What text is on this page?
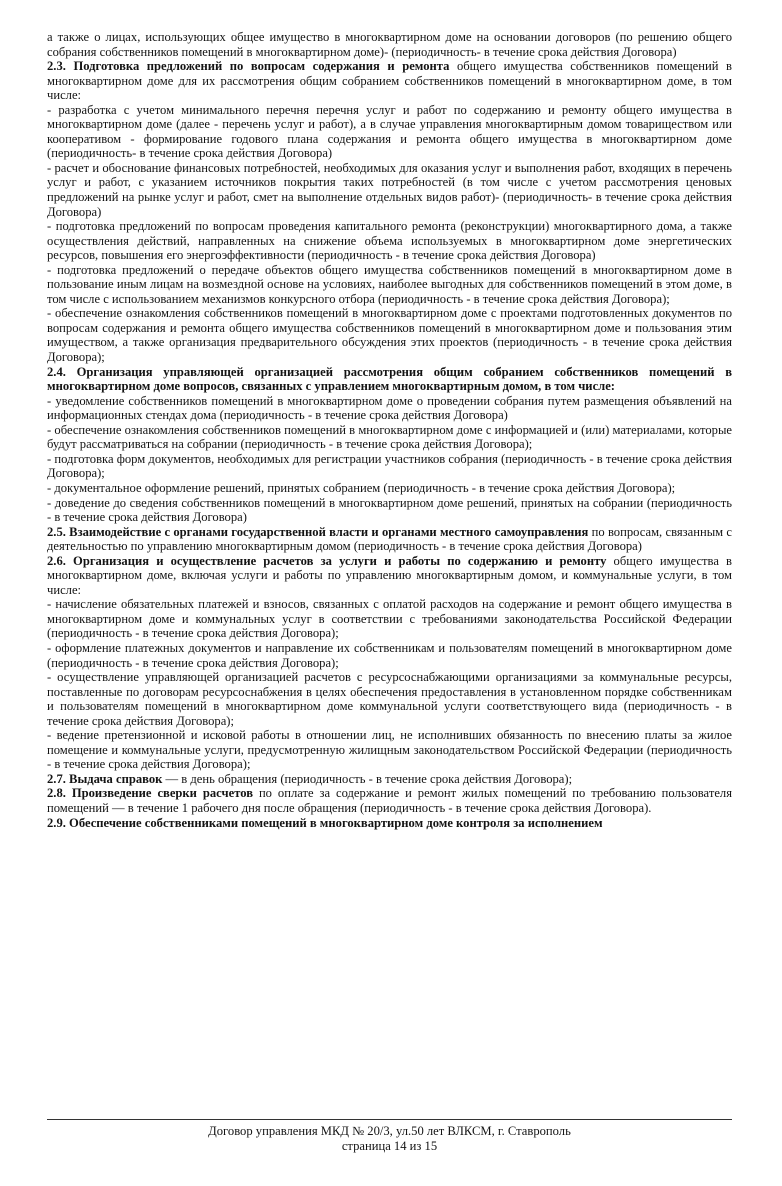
а также о лицах, использующих общее имущество в многоквартирном доме на основании договоров (по решению общего собрания собственников помещений в многоквартирном доме)- (периодичность- в течение срока действия Договора)

2.3. Подготовка предложений по вопросам содержания и ремонта общего имущества собственников помещений в многоквартирном доме для их рассмотрения общим собранием собственников помещений в многоквартирном доме, в том числе:

- разработка с учетом минимального перечня перечня услуг и работ по содержанию и ремонту общего имущества в многоквартирном доме (далее - перечень услуг и работ), а в случае управления многоквартирным домом товариществом или кооперативом - формирование годового плана содержания и ремонта общего имущества в многоквартирном доме (периодичность- в течение срока действия Договора)

- расчет и обоснование финансовых потребностей, необходимых для оказания услуг и выполнения работ, входящих в перечень услуг и работ, с указанием источников покрытия таких потребностей (в том числе с учетом рассмотрения ценовых предложений на рынке услуг и работ, смет на выполнение отдельных видов работ)- (периодичность- в течение срока действия Договора)

- подготовка предложений по вопросам проведения капитального ремонта (реконструкции) многоквартирного дома, а также осуществления действий, направленных на снижение объема используемых в многоквартирном доме энергетических ресурсов, повышения его энергоэффективности (периодичность - в течение срока действия Договора)

- подготовка предложений о передаче объектов общего имущества собственников помещений в многоквартирном доме в пользование иным лицам на возмездной основе на условиях, наиболее выгодных для собственников помещений в этом доме, в том числе с использованием механизмов конкурсного отбора (периодичность - в течение срока действия Договора);

- обеспечение ознакомления собственников помещений в многоквартирном доме с проектами подготовленных документов по вопросам содержания и ремонта общего имущества собственников помещений в многоквартирном доме и пользования этим имуществом, а также организация предварительного обсуждения этих проектов (периодичность - в течение срока действия Договора);

2.4. Организация управляющей организацией рассмотрения общим собранием собственников помещений в многоквартирном доме вопросов, связанных с управлением многоквартирным домом, в том числе:

- уведомление собственников помещений в многоквартирном доме о проведении собрания путем размещения объявлений на информационных стендах дома (периодичность - в течение срока действия Договора)

- обеспечение ознакомления собственников помещений в многоквартирном доме с информацией и (или) материалами, которые будут рассматриваться на собрании (периодичность - в течение срока действия Договора);

- подготовка форм документов, необходимых для регистрации участников собрания (периодичность - в течение срока действия Договора);

- документальное оформление решений, принятых собранием (периодичность - в течение срока действия Договора);

- доведение до сведения собственников помещений в многоквартирном доме решений, принятых на собрании (периодичность - в течение срока действия Договора)

2.5. Взаимодействие с органами государственной власти и органами местного самоуправления по вопросам, связанным с деятельностью по управлению многоквартирным домом (периодичность - в течение срока действия Договора)

2.6. Организация и осуществление расчетов за услуги и работы по содержанию и ремонту общего имущества в многоквартирном доме, включая услуги и работы по управлению многоквартирным домом, и коммунальные услуги, в том числе:

- начисление обязательных платежей и взносов, связанных с оплатой расходов на содержание и ремонт общего имущества в многоквартирном доме и коммунальных услуг в соответствии с требованиями законодательства Российской Федерации (периодичность - в течение срока действия Договора);

- оформление платежных документов и направление их собственникам и пользователям помещений в многоквартирном доме (периодичность - в течение срока действия Договора);

- осуществление управляющей организацией расчетов с ресурсоснабжающими организациями за коммунальные ресурсы, поставленные по договорам ресурсоснабжения в целях обеспечения предоставления в установленном порядке собственникам и пользователям помещений в многоквартирном доме коммунальной услуги соответствующего вида (периодичность - в течение срока действия Договора);

- ведение претензионной и исковой работы в отношении лиц, не исполнивших обязанность по внесению платы за жилое помещение и коммунальные услуги, предусмотренную жилищным законодательством Российской Федерации (периодичность - в течение срока действия Договора);

2.7. Выдача справок — в день обращения (периодичность - в течение срока действия Договора);

2.8. Произведение сверки расчетов по оплате за содержание и ремонт жилых помещений по требованию пользователя помещений — в течение 1 рабочего дня после обращения (периодичность - в течение срока действия Договора).

2.9. Обеспечение собственниками помещений в многоквартирном доме контроля за исполнением

Договор управления МКД № 20/3, ул.50 лет ВЛКСМ, г. Ставрополь
страница 14 из 15
